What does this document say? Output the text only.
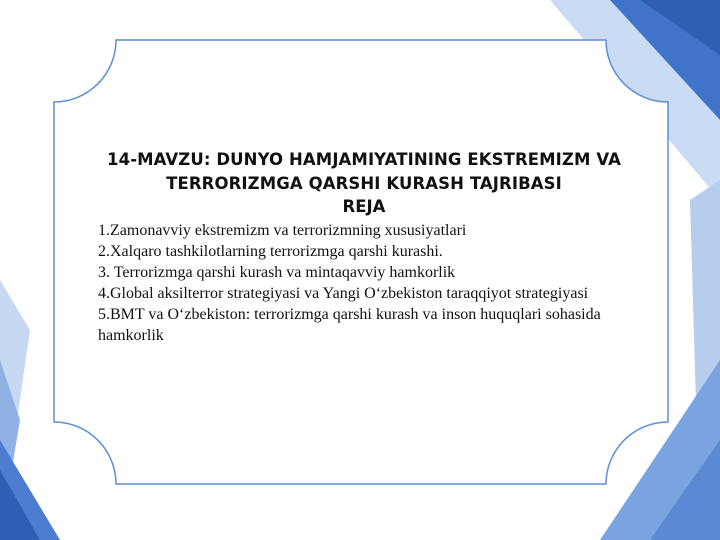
14-MAVZU: DUNYO HAMJAMIYATINING EKSTREMIZM VA TERRORIZMGA QARSHI KURASH TAJRIBASI
REJA
1.Zamonavviy ekstremizm va terrorizmning xususiyatlari
2.Xalqaro tashkilotlarning terrorizmga qarshi kurashi.
3. Terrorizmga qarshi kurash va mintaqavviy hamkorlik
4.Global aksilterror strategiyasi va Yangi O‘zbekiston taraqqiyot strategiyasi
5.BMT va O‘zbekiston: terrorizmga qarshi kurash va inson huquqlari sohasida hamkorlik
